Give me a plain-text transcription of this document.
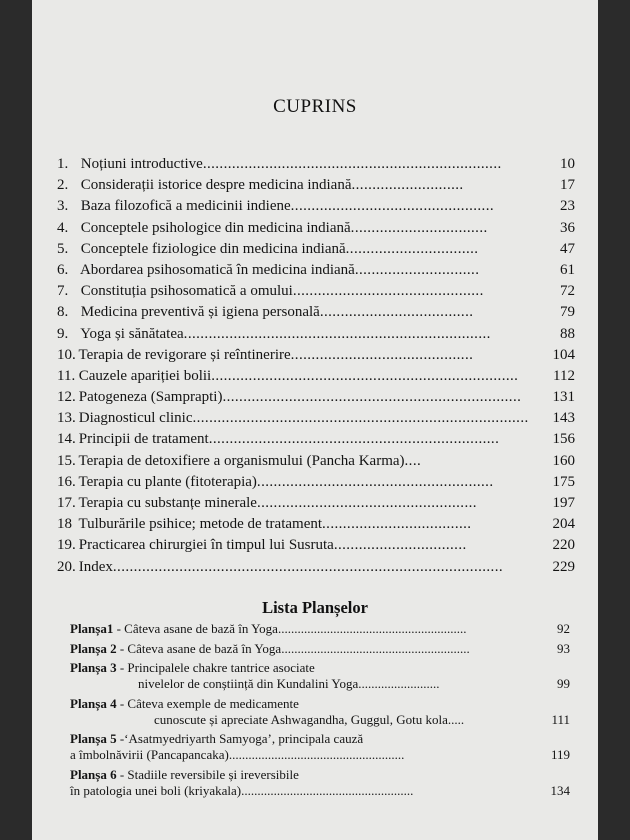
CUPRINS
1. Noțiuni introductive........................................................................	10
2. Considerații istorice despre medicina indiană...........................	17
3. Baza filozofică a medicinii indiene.................................................	23
4. Conceptele psihologice din medicina indiană.................................	36
5. Conceptele fiziologice din medicina indiană................................	47
6. Abordarea psihosomatică în medicina indiană..............................	61
7. Constituția psihosomatică a omului..............................................	72
8. Medicina preventivă și igiena personală.....................................	79
9. Yoga și sănătatea..........................................................................	88
10. Terapia de revigorare și reîntinerire............................................	104
11. Cauzele apariției bolii.......................................................................... 112
12. Patogeneza (Samprapti)........................................................................ 131
13. Diagnosticul clinic................................................................................. 143
14. Principii de tratament......................................................................	156
15. Terapia de detoxifiere a organismului (Pancha Karma)....	160
16. Terapia cu plante (fitoterapia).........................................................	175
17. Terapia cu substanțe minerale.....................................................	197
18 Tulburările psihice; metode de tratament....................................	204
19. Practicarea chirurgiei în timpul lui Susruta................................	220
20. Index..............................................................................................	229
Lista Planșelor
Planșa1 - Câteva asane de bază în Yoga..........................................................	92
Planșa 2 - Câteva asane de bază în Yoga..........................................................	93
Planșa 3 - Principalele chakre tantrice asociate
nivelelor de conștiință din Kundalini Yoga.........................	99
Planșa 4 - Câteva exemple de medicamente
cunoscute și apreciate Ashwagandha, Guggul, Gotu kola.....	111
Planșa 5 -‘Asatmyedriyarth Samyoga’, principala cauză
a îmbolnăvirii (Pancapancaka)......................................................	119
Planșa 6 - Stadiile reversibile și ireversibile
în patologia unei boli (kriyakala).....................................................	134
